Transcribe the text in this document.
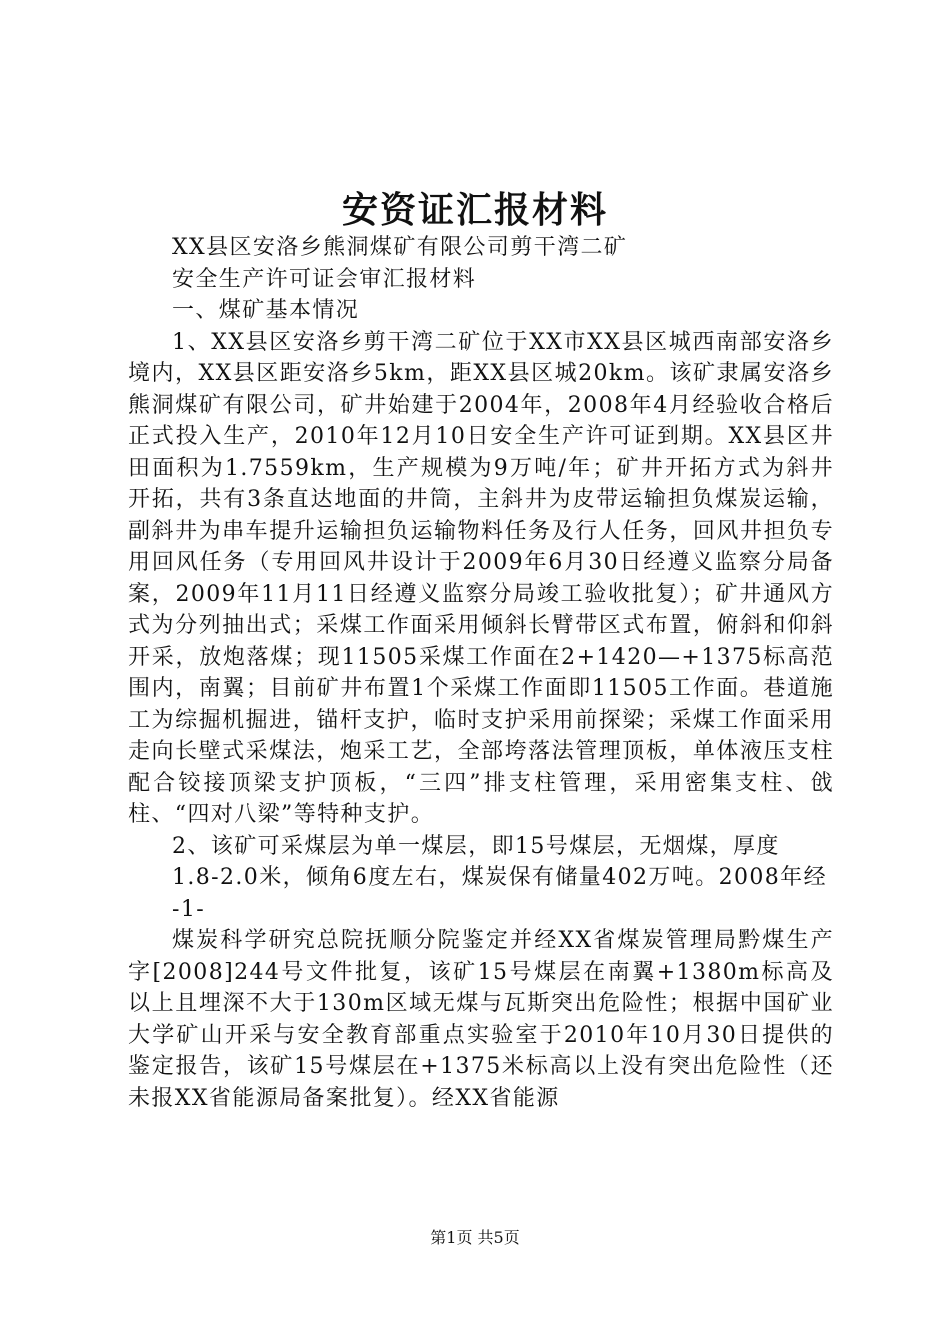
安资证汇报材料

XX县区安洛乡熊洞煤矿有限公司剪干湾二矿

安全生产许可证会审汇报材料

一、煤矿基本情况

1、XX县区安洛乡剪干湾二矿位于XX市XX县区城西南部安洛乡境内，XX县区距安洛乡5km，距XX县区城20km。该矿隶属安洛乡熊洞煤矿有限公司，矿井始建于2004年，2008年4月经验收合格后正式投入生产，2010年12月10日安全生产许可证到期。XX县区井田面积为1.7559km，生产规模为9万吨/年；矿井开拓方式为斜井开拓，共有3条直达地面的井筒，主斜井为皮带运输担负煤炭运输，副斜井为串车提升运输担负运输物料任务及行人任务，回风井担负专用回风任务（专用回风井设计于2009年6月30日经遵义监察分局备案，2009年11月11日经遵义监察分局竣工验收批复）；矿井通风方式为分列抽出式；采煤工作面采用倾斜长臂带区式布置，俯斜和仰斜开采，放炮落煤；现11505采煤工作面在2+1420—+1375标高范围内，南翼；目前矿井布置1个采煤工作面即11505工作面。巷道施工为综掘机掘进，锚杆支护，临时支护采用前探梁；采煤工作面采用走向长壁式采煤法，炮采工艺，全部垮落法管理顶板，单体液压支柱配合铰接顶梁支护顶板，“三四”排支柱管理，采用密集支柱、戗柱、“四对八梁”等特种支护。

2、该矿可采煤层为单一煤层，即15号煤层，无烟煤，厚度

1.8-2.0米，倾角6度左右，煤炭保有储量402万吨。2008年经

-1-

煤炭科学研究总院抚顺分院鉴定并经XX省煤炭管理局黔煤生产字[2008]244号文件批复，该矿15号煤层在南翼+1380m标高及以上且埋深不大于130m区域无煤与瓦斯突出危险性；根据中国矿业大学矿山开采与安全教育部重点实验室于2010年10月30日提供的鉴定报告，该矿15号煤层在+1375米标高以上没有突出危险性（还未报XX省能源局备案批复）。经XX省能源

第1页 共5页
